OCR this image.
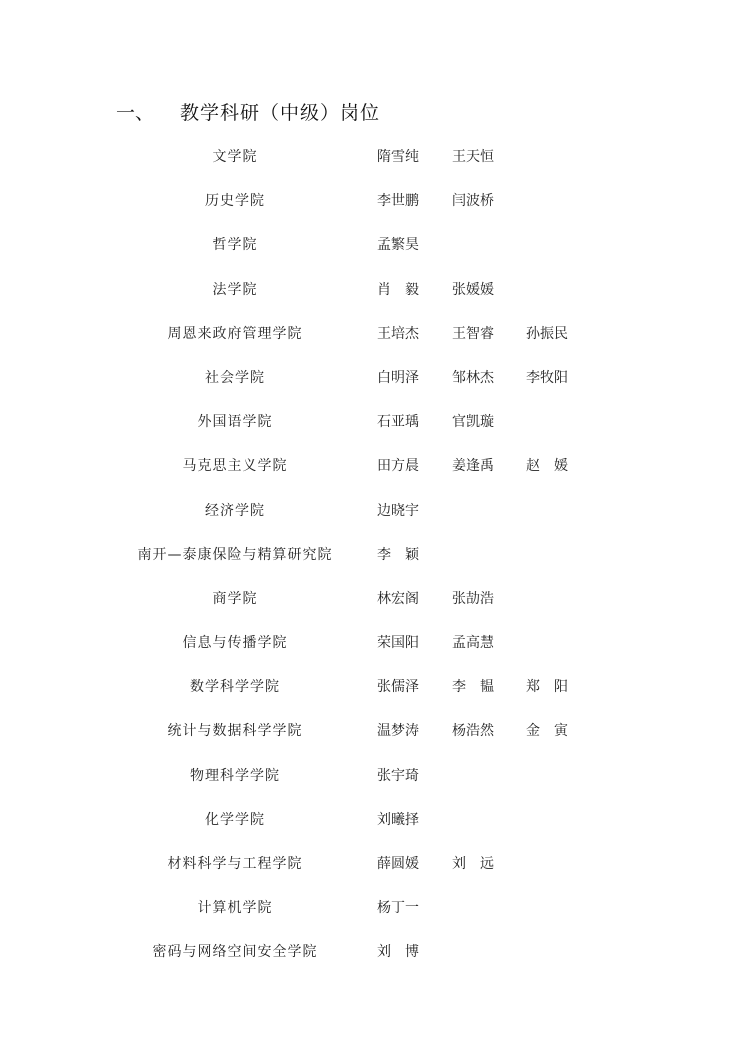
一、 教学科研（中级）岗位
文学院	隋雪纯 王天恒
历史学院	李世鹏 闫波桥
哲学院	孟繁昊
法学院	肖　毅 张媛媛
周恩来政府管理学院	王培杰 王智睿 孙振民
社会学院	白明泽 邹林杰 李牧阳
外国语学院	石亚瑀 官凯璇
马克思主义学院	田方晨 姜逢禹 赵　媛
经济学院	边晓宇
南开—泰康保险与精算研究院	李　颖
商学院	林宏阁 张劼浩
信息与传播学院	荣国阳 孟高慧
数学科学学院	张儒泽 李　韫 郑　阳
统计与数据科学学院	温梦涛 杨浩然 金　寅
物理科学学院	张宇琦
化学学院	刘曦择
材料科学与工程学院	薛圆媛 刘　远
计算机学院	杨丁一
密码与网络空间安全学院	刘　博
